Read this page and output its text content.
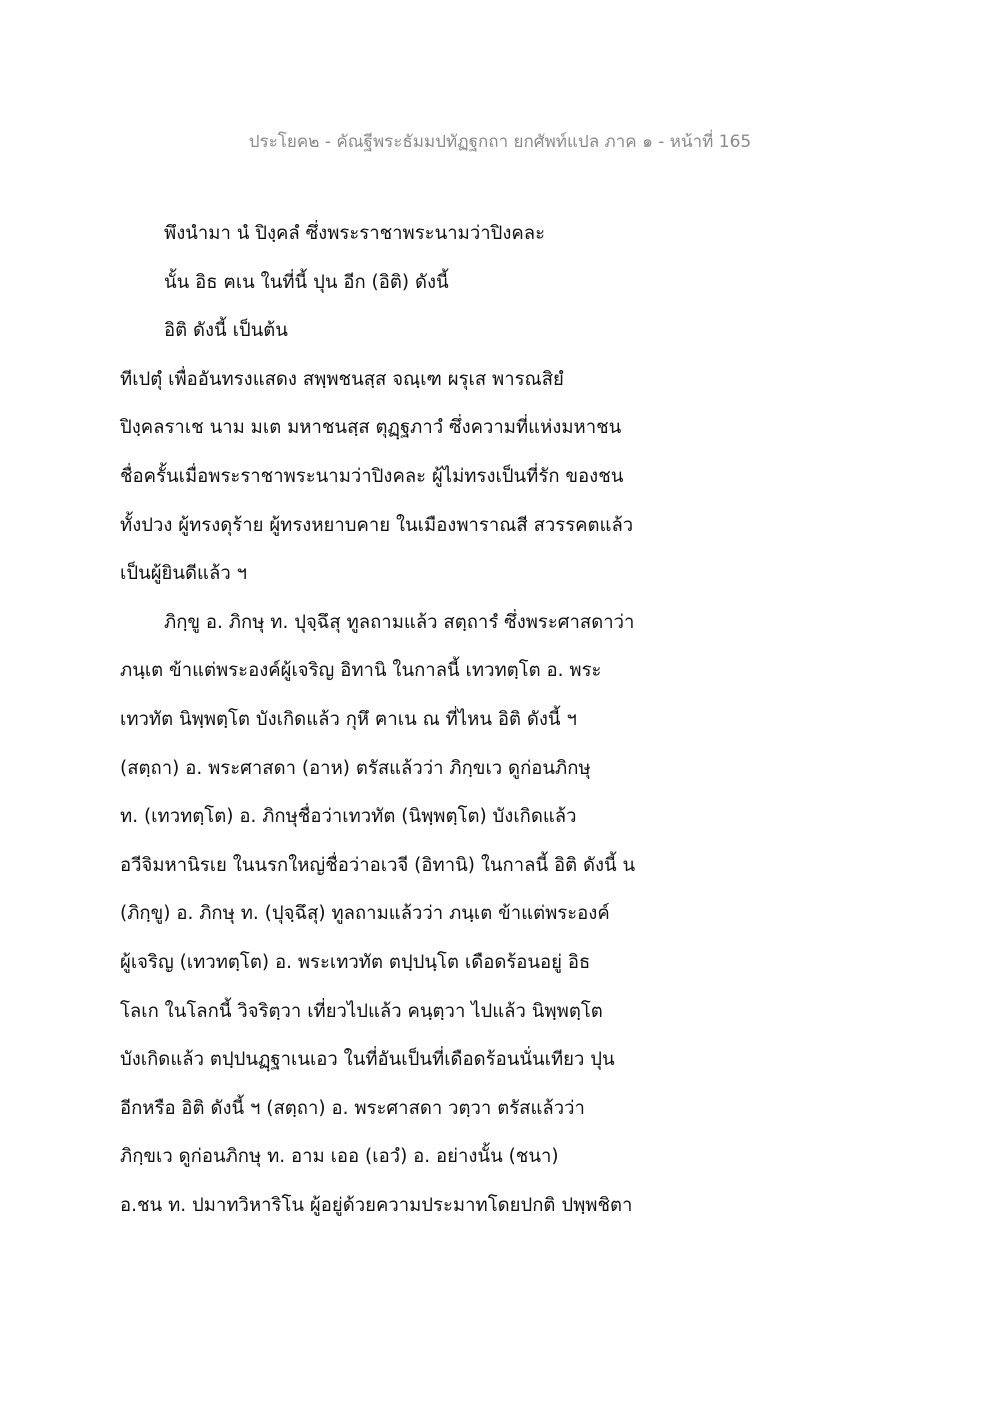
ประโยค๒ - คัณฐีพระธัมมปทัฏฐกถา ยกศัพท์แปล ภาค ๑ - หน้าที่ 165
พึงนำมา นํ ปิงฺคลํ ซึ่งพระราชาพระนามว่าปิงคละ
นั้น อิธ ฅเน ในที่นี้ ปุน อีก (อิติ) ดังนี้
อิติ ดังนี้ เป็นต้น
ทีเปตุํ เพื่ออันทรงแสดง สพฺพชนสฺส จณฺเฑ ผรุเส พารณสิยํ
ปิงฺคลราเช นาม มเต มหาชนสฺส ตุฏฺฐภาวํ ซึ่งความที่แห่งมหาชน
ชื่อครั้นเมื่อพระราชาพระนามว่าปิงคละ ผู้ไม่ทรงเป็นที่รัก ของชน
ทั้งปวง ผู้ทรงดุร้าย ผู้ทรงหยาบคาย ในเมืองพาราณสี สวรรคตแล้ว
เป็นผู้ยินดีแล้ว ฯ
ภิกฺขู อ. ภิกษุ ท. ปุจฺฉึสุ ทูลถามแล้ว สตฺถารํ ซึ่งพระศาสดาว่า
ภนฺเต ข้าแต่พระองค์ผู้เจริญ อิทานิ ในกาลนี้ เทวทตฺโต อ. พระ
เทวทัต นิพฺพตฺโต บังเกิดแล้ว กุหึ ฅาเน ณ ที่ไหน อิติ ดังนี้ ฯ
(สตฺถา) อ. พระศาสดา (อาห) ตรัสแล้วว่า ภิกฺขเว ดูก่อนภิกษุ
ท. (เทวทตฺโต) อ. ภิกษุชื่อว่าเทวทัต (นิพฺพตฺโต) บังเกิดแล้ว
อวีจิมหานิรเย ในนรกใหญ่ชื่อว่าอเวจี (อิทานิ) ในกาลนี้ อิติ ดังนี้ น
(ภิกฺขู) อ. ภิกษุ ท. (ปุจฺฉึสุ) ทูลถามแล้วว่า ภนฺเต ข้าแต่พระองค์
ผู้เจริญ (เทวทตฺโต) อ. พระเทวทัต ตปฺปนฺโต เดือดร้อนอยู่ อิธ
โลเก ในโลกนี้ วิจริตฺวา เที่ยวไปแล้ว คนฺตฺวา ไปแล้ว นิพฺพตฺโต
บังเกิดแล้ว ตปฺปนฏฺฐาเนเอว ในที่อันเป็นที่เดือดร้อนนั่นเทียว ปุน
อีกหรือ อิติ ดังนี้ ฯ (สตฺถา) อ. พระศาสดา วตฺวา ตรัสแล้วว่า
ภิกฺขเว ดูก่อนภิกษุ ท. อาม เออ (เอวํ) อ. อย่างนั้น (ชนา)
อ.ชน ท. ปมาทวิหาริโน ผู้อยู่ด้วยความประมาทโดยปกติ ปพฺพชิตา
